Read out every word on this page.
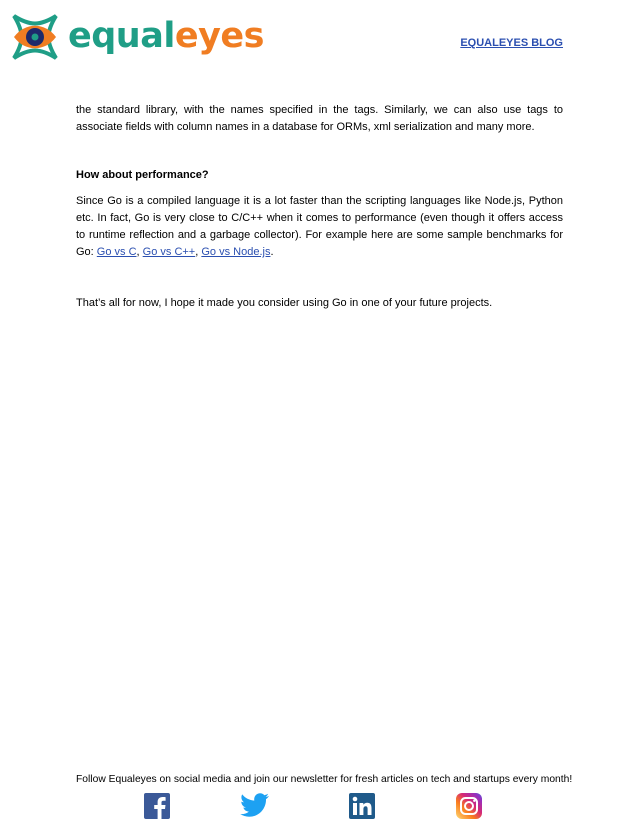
equaleyes	EQUALEYES BLOG

the standard library, with the names specified in the tags. Similarly, we can also use tags to associate fields with column names in a database for ORMs, xml serialization and many more.

How about performance?

Since Go is a compiled language it is a lot faster than the scripting languages like Node.js, Python etc. In fact, Go is very close to C/C++ when it comes to performance (even though it offers access to runtime reflection and a garbage collector). For example here are some sample benchmarks for Go: Go vs C, Go vs C++, Go vs Node.js.

That’s all for now, I hope it made you consider using Go in one of your future projects.

Follow Equaleyes on social media and join our newsletter for fresh articles on tech and startups every month!
